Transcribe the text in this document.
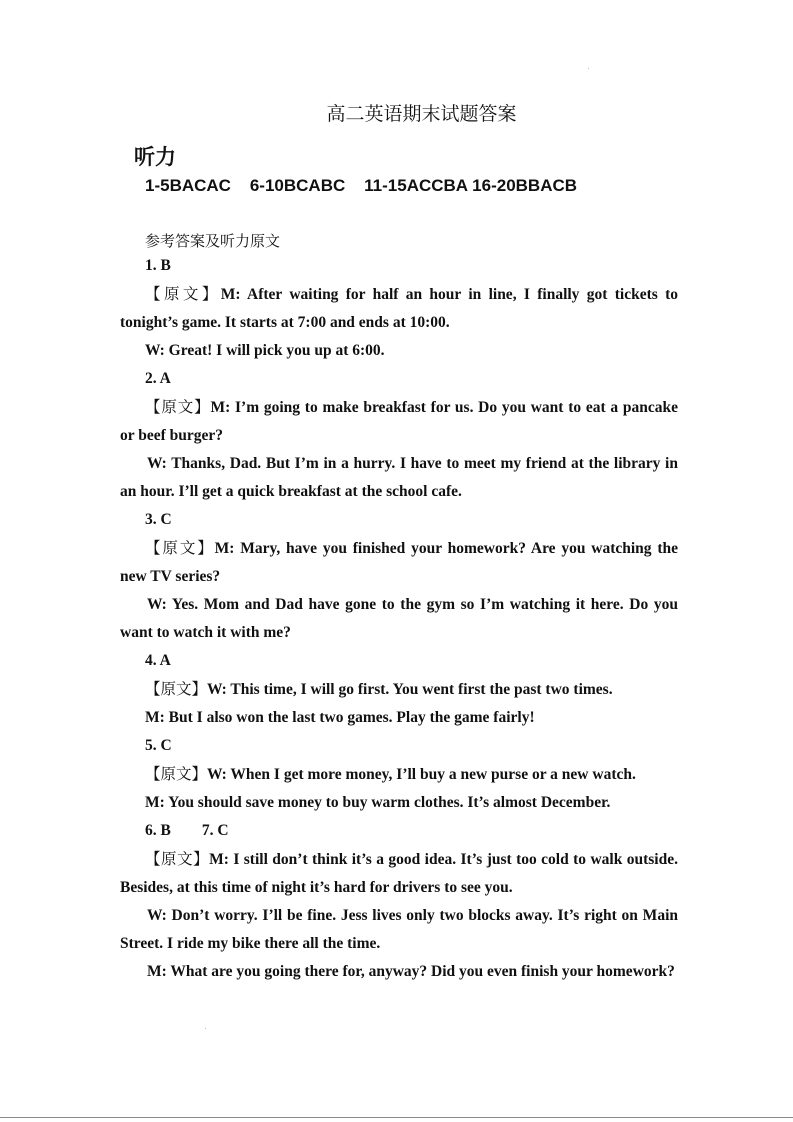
高二英语期末试题答案
听力

1-5BACAC    6-10BCABC    11-15ACCBA 16-20BBACB

参考答案及听力原文

1. B

【原文】M: After waiting for half an hour in line, I finally got tickets to tonight’s game. It starts at 7:00 and ends at 10:00.

W: Great! I will pick you up at 6:00.

2. A

【原文】M: I’m going to make breakfast for us. Do you want to eat a pancake or beef burger?

W: Thanks, Dad. But I’m in a hurry. I have to meet my friend at the library in an hour. I’ll get a quick breakfast at the school cafe.

3. C

【原文】M: Mary, have you finished your homework? Are you watching the new TV series?

W: Yes. Mom and Dad have gone to the gym so I’m watching it here. Do you want to watch it with me?

4. A

【原文】W: This time, I will go first. You went first the past two times.

M: But I also won the last two games. Play the game fairly!

5. C

【原文】W: When I get more money, I’ll buy a new purse or a new watch.

M: You should save money to buy warm clothes. It’s almost December.

6. B        7. C

【原文】M: I still don’t think it’s a good idea. It’s just too cold to walk outside. Besides, at this time of night it’s hard for drivers to see you.

W: Don’t worry. I’ll be fine. Jess lives only two blocks away. It’s right on Main Street. I ride my bike there all the time.

M: What are you going there for, anyway? Did you even finish your homework?
